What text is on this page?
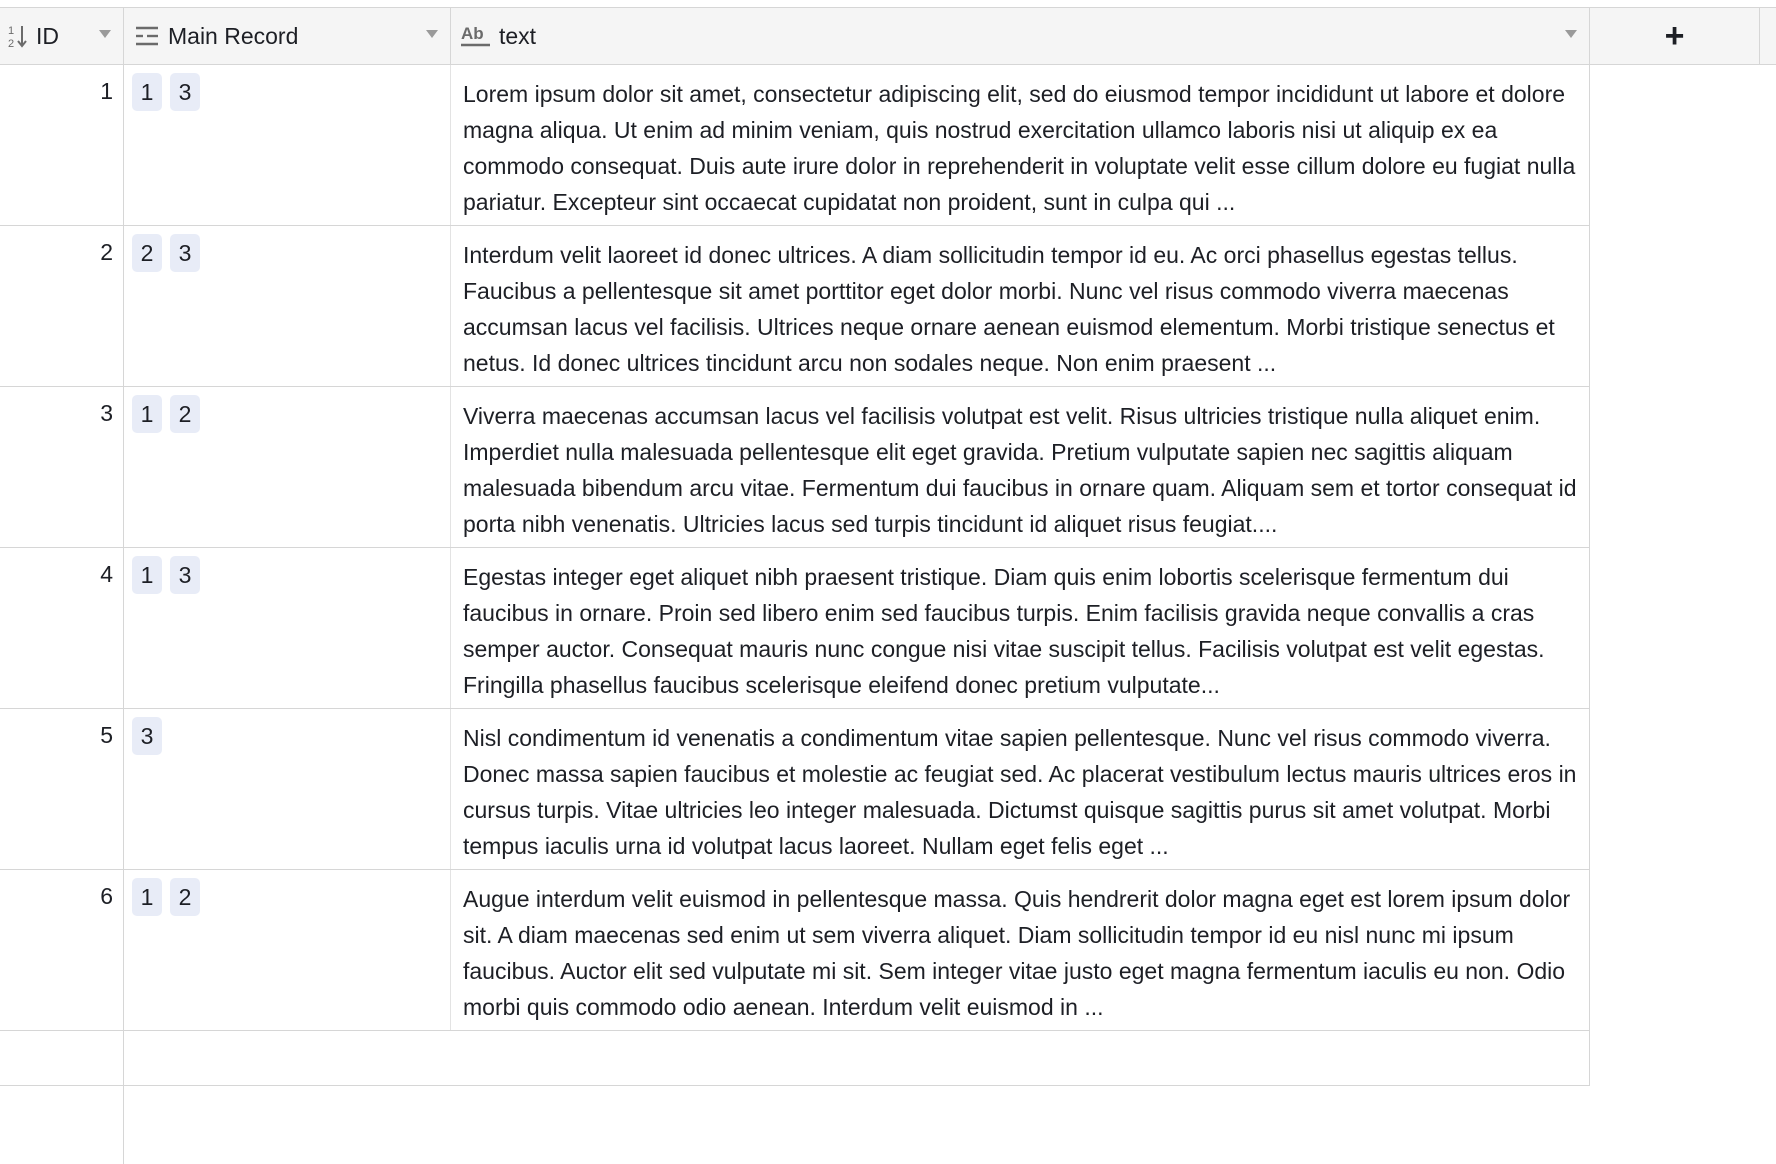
1
2 ID	Main Record	Ab text	+
1	1 3	Lorem ipsum dolor sit amet, consectetur adipiscing elit, sed do eiusmod tempor incididunt ut labore et dolore magna aliqua. Ut enim ad minim veniam, quis nostrud exercitation ullamco laboris nisi ut aliquip ex ea commodo consequat. Duis aute irure dolor in reprehenderit in voluptate velit esse cillum dolore eu fugiat nulla pariatur. Excepteur sint occaecat cupidatat non proident, sunt in culpa qui ...
2	2 3	Interdum velit laoreet id donec ultrices. A diam sollicitudin tempor id eu. Ac orci phasellus egestas tellus. Faucibus a pellentesque sit amet porttitor eget dolor morbi. Nunc vel risus commodo viverra maecenas accumsan lacus vel facilisis. Ultrices neque ornare aenean euismod elementum. Morbi tristique senectus et netus. Id donec ultrices tincidunt arcu non sodales neque. Non enim praesent ...
3	1 2	Viverra maecenas accumsan lacus vel facilisis volutpat est velit. Risus ultricies tristique nulla aliquet enim. Imperdiet nulla malesuada pellentesque elit eget gravida. Pretium vulputate sapien nec sagittis aliquam malesuada bibendum arcu vitae. Fermentum dui faucibus in ornare quam. Aliquam sem et tortor consequat id porta nibh venenatis. Ultricies lacus sed turpis tincidunt id aliquet risus feugiat....
4	1 3	Egestas integer eget aliquet nibh praesent tristique. Diam quis enim lobortis scelerisque fermentum dui faucibus in ornare. Proin sed libero enim sed faucibus turpis. Enim facilisis gravida neque convallis a cras semper auctor. Consequat mauris nunc congue nisi vitae suscipit tellus. Facilisis volutpat est velit egestas. Fringilla phasellus faucibus scelerisque eleifend donec pretium vulputate...
5	3	Nisl condimentum id venenatis a condimentum vitae sapien pellentesque. Nunc vel risus commodo viverra. Donec massa sapien faucibus et molestie ac feugiat sed. Ac placerat vestibulum lectus mauris ultrices eros in cursus turpis. Vitae ultricies leo integer malesuada. Dictumst quisque sagittis purus sit amet volutpat. Morbi tempus iaculis urna id volutpat lacus laoreet. Nullam eget felis eget ...
6	1 2	Augue interdum velit euismod in pellentesque massa. Quis hendrerit dolor magna eget est lorem ipsum dolor sit. A diam maecenas sed enim ut sem viverra aliquet. Diam sollicitudin tempor id eu nisl nunc mi ipsum faucibus. Auctor elit sed vulputate mi sit. Sem integer vitae justo eget magna fermentum iaculis eu non. Odio morbi quis commodo odio aenean. Interdum velit euismod in ...
